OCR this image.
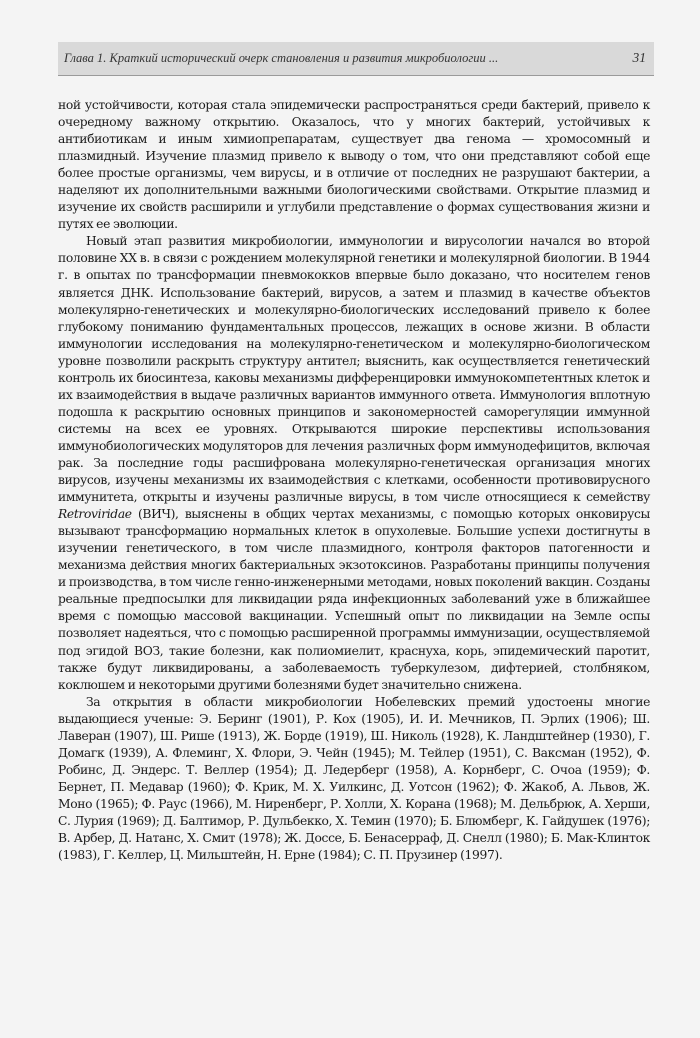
Глава 1. Краткий исторический очерк становления и развития микробиологии ...	31

ной устойчивости, которая стала эпидемически распространяться среди бактерий, привело к очередному важному открытию. Оказалось, что у многих бактерий, устойчивых к антибиотикам и иным химиопрепаратам, существует два генома — хромосомный и плазмидный. Изучение плазмид привело к выводу о том, что они представляют собой еще более простые организмы, чем вирусы, и в отличие от последних не разрушают бактерии, а наделяют их дополнительными важными биологическими свойствами. Открытие плазмид и изучение их свойств расширили и углубили представление о формах существования жизни и путях ее эволюции.

Новый этап развития микробиологии, иммунологии и вирусологии начался во второй половине XX в. в связи с рождением молекулярной генетики и молекулярной биологии. В 1944 г. в опытах по трансформации пневмококков впервые было доказано, что носителем генов является ДНК. Использование бактерий, вирусов, а затем и плазмид в качестве объектов молекулярно-генетических и молекулярно-биологических исследований привело к более глубокому пониманию фундаментальных процессов, лежащих в основе жизни. В области иммунологии исследования на молекулярно-генетическом и молекулярно-биологическом уровне позволили раскрыть структуру антител; выяснить, как осуществляется генетический контроль их биосинтеза, каковы механизмы дифференцировки иммунокомпетентных клеток и их взаимодействия в выдаче различных вариантов иммунного ответа. Иммунология вплотную подошла к раскрытию основных принципов и закономерностей саморегуляции иммунной системы на всех ее уровнях. Открываются широкие перспективы использования иммунобиологических модуляторов для лечения различных форм иммунодефицитов, включая рак. За последние годы расшифрована молекулярно-генетическая организация многих вирусов, изучены механизмы их взаимодействия с клетками, особенности противовирусного иммунитета, открыты и изучены различные вирусы, в том числе относящиеся к семейству Retroviridae (ВИЧ), выяснены в общих чертах механизмы, с помощью которых онковирусы вызывают трансформацию нормальных клеток в опухолевые. Большие успехи достигнуты в изучении генетического, в том числе плазмидного, контроля факторов патогенности и механизма действия многих бактериальных экзотоксинов. Разработаны принципы получения и производства, в том числе генно-инженерными методами, новых поколений вакцин. Созданы реальные предпосылки для ликвидации ряда инфекционных заболеваний уже в ближайшее время с помощью массовой вакцинации. Успешный опыт по ликвидации на Земле оспы позволяет надеяться, что с помощью расширенной программы иммунизации, осуществляемой под эгидой ВОЗ, такие болезни, как полиомиелит, краснуха, корь, эпидемический паротит, также будут ликвидированы, а заболеваемость туберкулезом, дифтерией, столбняком, коклюшем и некоторыми другими болезнями будет значительно снижена.

За открытия в области микробиологии Нобелевских премий удостоены многие выдающиеся ученые: Э. Беринг (1901), Р. Кох (1905), И. И. Мечников, П. Эрлих (1906); Ш. Лаверан (1907), Ш. Рише (1913), Ж. Борде (1919), Ш. Николь (1928), К. Ландштейнер (1930), Г. Домагк (1939), А. Флеминг, Х. Флори, Э. Чейн (1945); М. Тейлер (1951), С. Ваксман (1952), Ф. Робинс, Д. Эндерс. Т. Веллер (1954); Д. Ледерберг (1958), А. Корнберг, С. Очоа (1959); Ф. Бернет, П. Медавар (1960); Ф. Крик, М. Х. Уилкинс, Д. Уотсон (1962); Ф. Жакоб, А. Львов, Ж. Моно (1965); Ф. Раус (1966), М. Ниренберг, Р. Холли, Х. Корана (1968); М. Дельбрюк, А. Херши, С. Лурия (1969); Д. Балтимор, Р. Дульбекко, Х. Темин (1970); Б. Блюмберг, К. Гайдушек (1976); В. Арбер, Д. Натанс, Х. Смит (1978); Ж. Доссе, Б. Бенасерраф, Д. Снелл (1980); Б. Мак-Клинток (1983), Г. Келлер, Ц. Мильштейн, Н. Ерне (1984); С. П. Прузинер (1997).
